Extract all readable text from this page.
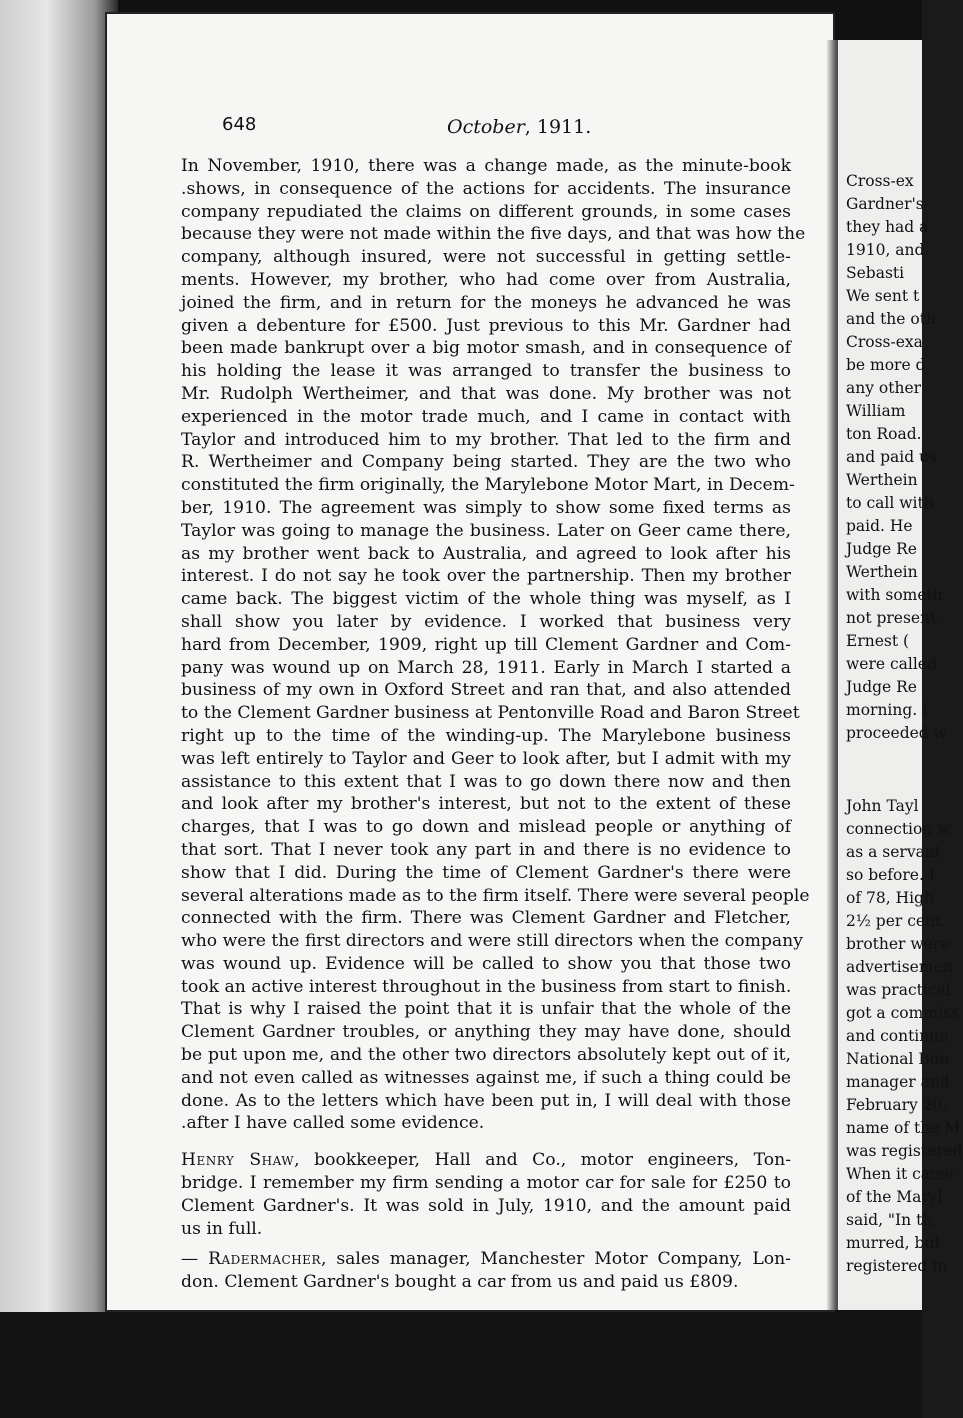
Cross-ex
Gardner's
they had a
1910, and
Sebasti
We sent t
and the oth
Cross-exa
be more d
any other
William
ton Road.
and paid us
Werthein
to call with
paid. He
Judge Re
Werthein
with someth
not present.
Ernest (
were called
Judge Re
morning. I
proceeded w
John Tayl
connection w
as a servant
so before. I
of 78, High
2½ per cent.
brother were
advertisemen
was practical
got a commiss
and continue
National Ban
manager and
February 20.
name of the M
was registered
When it came
of the Maryl
said, "In th
murred, but
registered in
648	October, 1911.
In November, 1910, there was a change made, as the minute-book
.shows, in consequence of the actions for accidents. The insurance
company repudiated the claims on different grounds, in some cases
because they were not made within the five days, and that was how the
company, although insured, were not successful in getting settle-
ments. However, my brother, who had come over from Australia,
joined the firm, and in return for the moneys he advanced he was
given a debenture for £500. Just previous to this Mr. Gardner had
been made bankrupt over a big motor smash, and in consequence of
his holding the lease it was arranged to transfer the business to
Mr. Rudolph Wertheimer, and that was done. My brother was not
experienced in the motor trade much, and I came in contact with
Taylor and introduced him to my brother. That led to the firm and
R. Wertheimer and Company being started. They are the two who
constituted the firm originally, the Marylebone Motor Mart, in Decem-
ber, 1910. The agreement was simply to show some fixed terms as
Taylor was going to manage the business. Later on Geer came there,
as my brother went back to Australia, and agreed to look after his
interest. I do not say he took over the partnership. Then my brother
came back. The biggest victim of the whole thing was myself, as I
shall show you later by evidence. I worked that business very
hard from December, 1909, right up till Clement Gardner and Com-
pany was wound up on March 28, 1911. Early in March I started a
business of my own in Oxford Street and ran that, and also attended
to the Clement Gardner business at Pentonville Road and Baron Street
right up to the time of the winding-up. The Marylebone business
was left entirely to Taylor and Geer to look after, but I admit with my
assistance to this extent that I was to go down there now and then
and look after my brother's interest, but not to the extent of these
charges, that I was to go down and mislead people or anything of
that sort. That I never took any part in and there is no evidence to
show that I did. During the time of Clement Gardner's there were
several alterations made as to the firm itself. There were several people
connected with the firm. There was Clement Gardner and Fletcher,
who were the first directors and were still directors when the company
was wound up. Evidence will be called to show you that those two
took an active interest throughout in the business from start to finish.
That is why I raised the point that it is unfair that the whole of the
Clement Gardner troubles, or anything they may have done, should
be put upon me, and the other two directors absolutely kept out of it,
and not even called as witnesses against me, if such a thing could be
done. As to the letters which have been put in, I will deal with those
.after I have called some evidence.
Henry Shaw, bookkeeper, Hall and Co., motor engineers, Ton-
bridge. I remember my firm sending a motor car for sale for £250 to
Clement Gardner's. It was sold in July, 1910, and the amount paid
us in full.
— Radermacher, sales manager, Manchester Motor Company, Lon-
don. Clement Gardner's bought a car from us and paid us £809.
